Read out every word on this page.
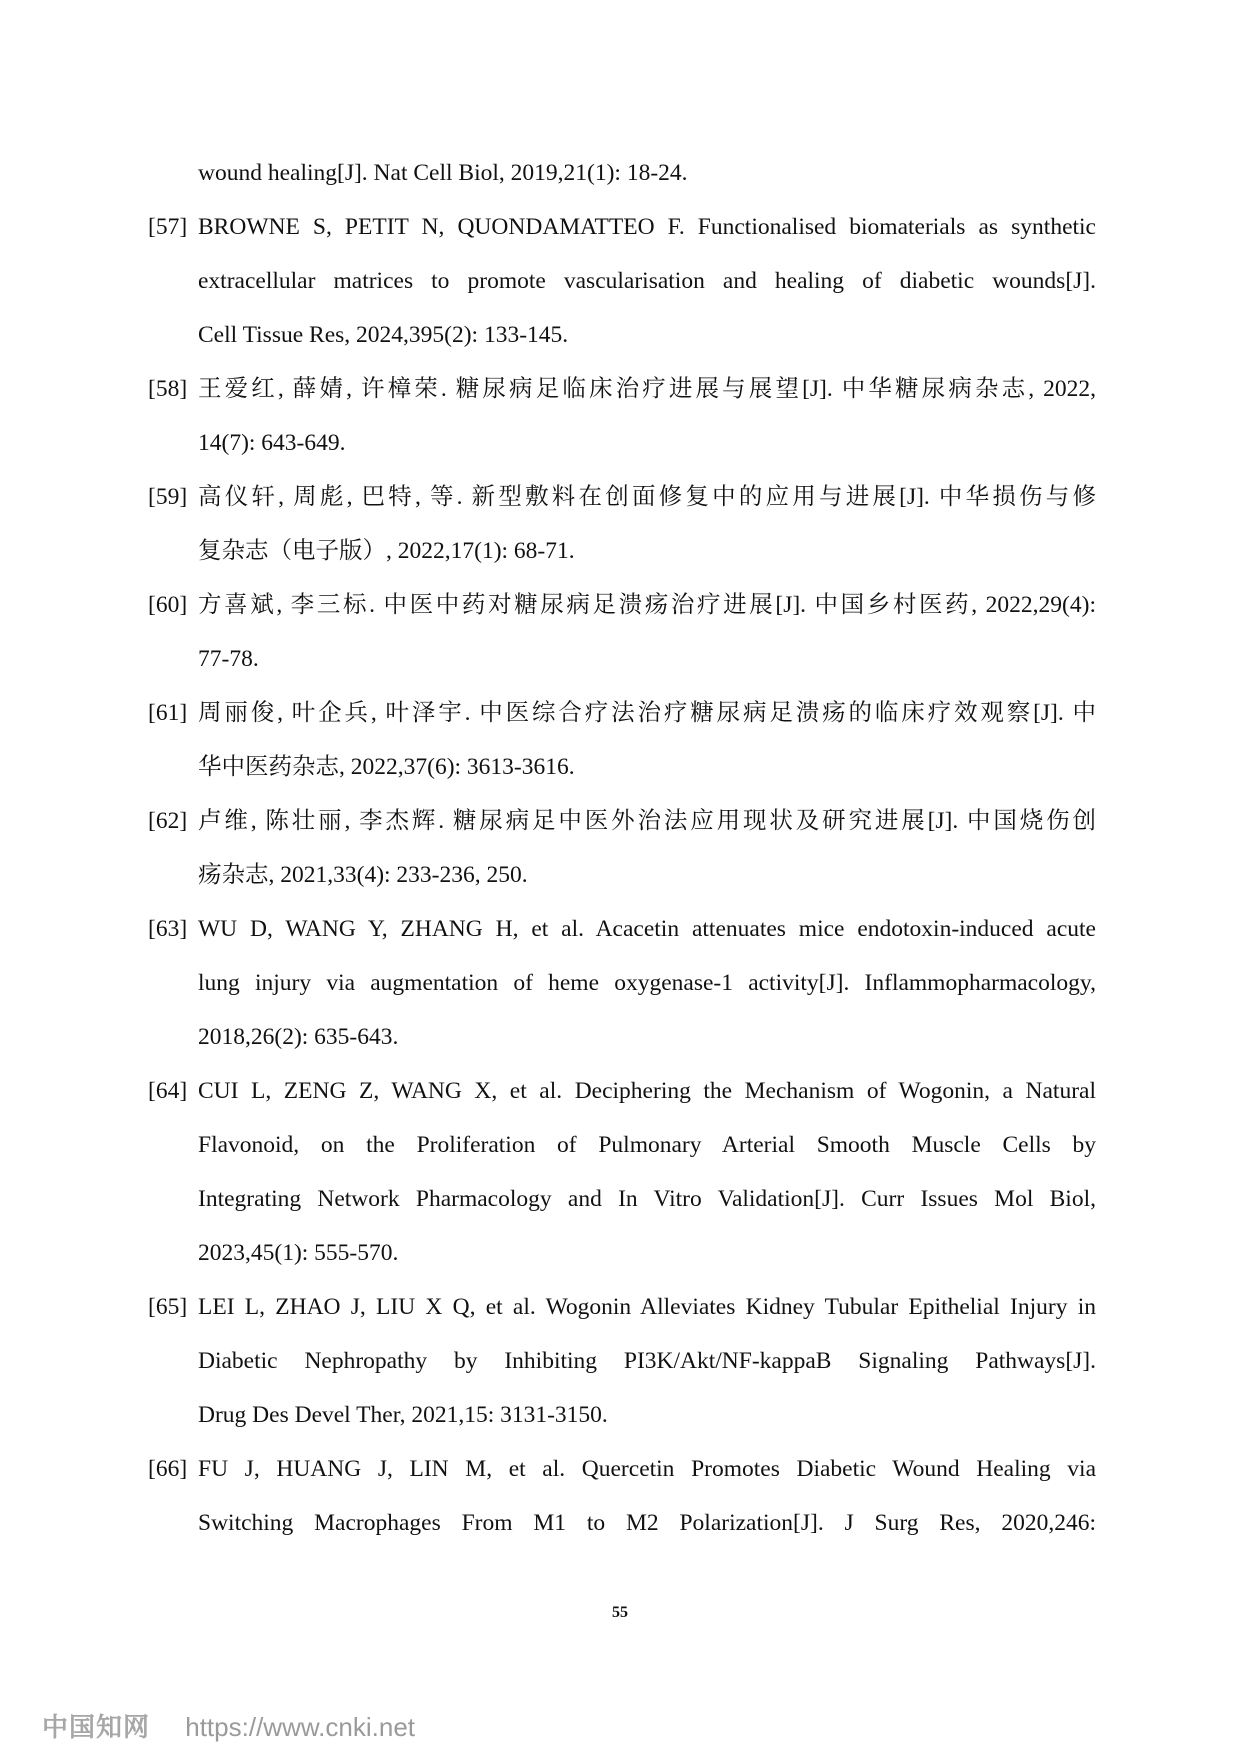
wound healing[J]. Nat Cell Biol, 2019,21(1): 18-24.
[57] BROWNE S, PETIT N, QUONDAMATTEO F. Functionalised biomaterials as synthetic
extracellular matrices to promote vascularisation and healing of diabetic wounds[J].
Cell Tissue Res, 2024,395(2): 133-145.
[58] 王爱红, 薛婧, 许樟荣. 糖尿病足临床治疗进展与展望[J]. 中华糖尿病杂志, 2022,
14(7): 643-649.
[59] 高仪轩, 周彪, 巴特, 等. 新型敷料在创面修复中的应用与进展[J]. 中华损伤与修
复杂志（电子版）, 2022,17(1): 68-71.
[60] 方喜斌, 李三标. 中医中药对糖尿病足溃疡治疗进展[J]. 中国乡村医药, 2022,29(4):
77-78.
[61] 周丽俊, 叶企兵, 叶泽宇. 中医综合疗法治疗糖尿病足溃疡的临床疗效观察[J]. 中
华中医药杂志, 2022,37(6): 3613-3616.
[62] 卢维, 陈壮丽, 李杰辉. 糖尿病足中医外治法应用现状及研究进展[J]. 中国烧伤创
疡杂志, 2021,33(4): 233-236, 250.
[63] WU D, WANG Y, ZHANG H, et al. Acacetin attenuates mice endotoxin-induced acute
lung injury via augmentation of heme oxygenase-1 activity[J]. Inflammopharmacology,
2018,26(2): 635-643.
[64] CUI L, ZENG Z, WANG X, et al. Deciphering the Mechanism of Wogonin, a Natural
Flavonoid, on the Proliferation of Pulmonary Arterial Smooth Muscle Cells by
Integrating Network Pharmacology and In Vitro Validation[J]. Curr Issues Mol Biol,
2023,45(1): 555-570.
[65] LEI L, ZHAO J, LIU X Q, et al. Wogonin Alleviates Kidney Tubular Epithelial Injury in
Diabetic Nephropathy by Inhibiting PI3K/Akt/NF-kappaB Signaling Pathways[J].
Drug Des Devel Ther, 2021,15: 3131-3150.
[66] FU J, HUANG J, LIN M, et al. Quercetin Promotes Diabetic Wound Healing via
Switching Macrophages From M1 to M2 Polarization[J]. J Surg Res, 2020,246:
55
中国知网 https://www.cnki.net
